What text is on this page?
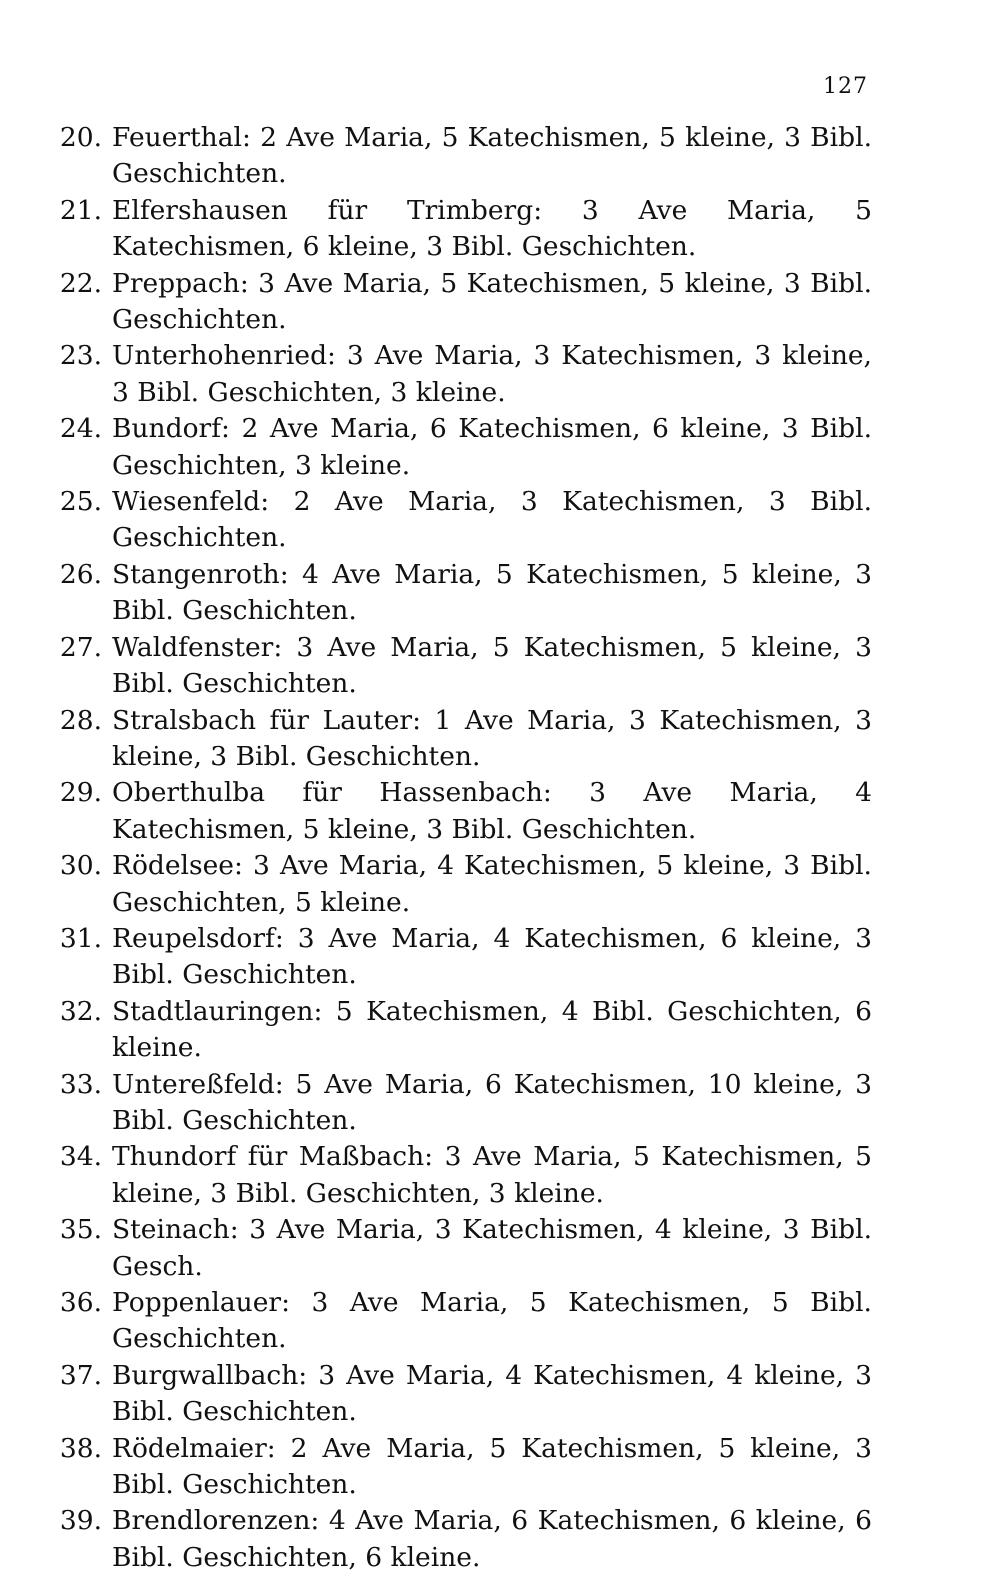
127
20. Feuerthal: 2 Ave Maria, 5 Katechismen, 5 kleine, 3 Bibl. Geschichten.
21. Elfershausen für Trimberg: 3 Ave Maria, 5 Katechismen, 6 kleine, 3 Bibl. Geschichten.
22. Preppach: 3 Ave Maria, 5 Katechismen, 5 kleine, 3 Bibl. Geschichten.
23. Unterhohenried: 3 Ave Maria, 3 Katechismen, 3 kleine, 3 Bibl. Geschichten, 3 kleine.
24. Bundorf: 2 Ave Maria, 6 Katechismen, 6 kleine, 3 Bibl. Geschichten, 3 kleine.
25. Wiesenfeld: 2 Ave Maria, 3 Katechismen, 3 Bibl. Geschichten.
26. Stangenroth: 4 Ave Maria, 5 Katechismen, 5 kleine, 3 Bibl. Geschichten.
27. Waldfenster: 3 Ave Maria, 5 Katechismen, 5 kleine, 3 Bibl. Geschichten.
28. Stralsbach für Lauter: 1 Ave Maria, 3 Katechismen, 3 kleine, 3 Bibl. Geschichten.
29. Oberthulba für Hassenbach: 3 Ave Maria, 4 Katechismen, 5 kleine, 3 Bibl. Geschichten.
30. Rödelsee: 3 Ave Maria, 4 Katechismen, 5 kleine, 3 Bibl. Geschichten, 5 kleine.
31. Reupelsdorf: 3 Ave Maria, 4 Katechismen, 6 kleine, 3 Bibl. Geschichten.
32. Stadtlauringen: 5 Katechismen, 4 Bibl. Geschichten, 6 kleine.
33. Untereßfeld: 5 Ave Maria, 6 Katechismen, 10 kleine, 3 Bibl. Geschichten.
34. Thundorf für Maßbach: 3 Ave Maria, 5 Katechismen, 5 kleine, 3 Bibl. Geschichten, 3 kleine.
35. Steinach: 3 Ave Maria, 3 Katechismen, 4 kleine, 3 Bibl. Gesch.
36. Poppenlauer: 3 Ave Maria, 5 Katechismen, 5 Bibl. Geschichten.
37. Burgwallbach: 3 Ave Maria, 4 Katechismen, 4 kleine, 3 Bibl. Geschichten.
38. Rödelmaier: 2 Ave Maria, 5 Katechismen, 5 kleine, 3 Bibl. Geschichten.
39. Brendlorenzen: 4 Ave Maria, 6 Katechismen, 6 kleine, 6 Bibl. Geschichten, 6 kleine.
